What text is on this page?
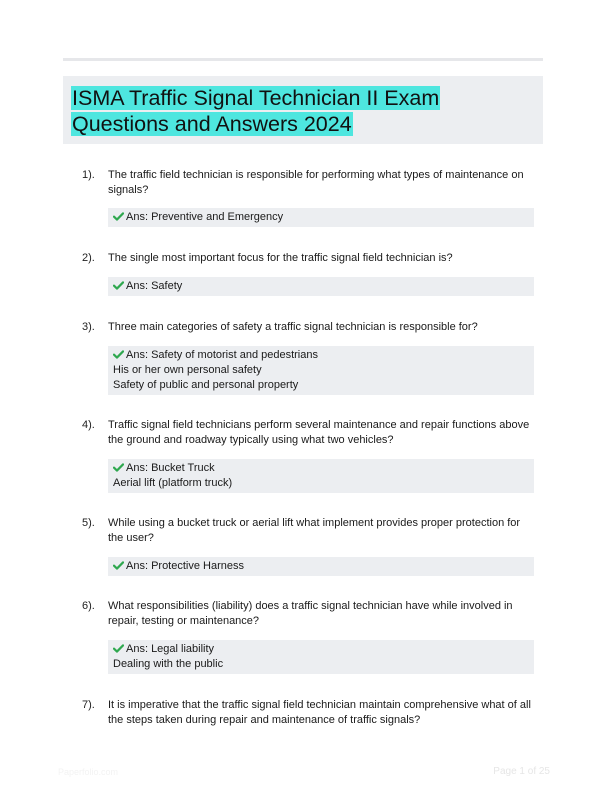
ISMA Traffic Signal Technician II Exam Questions and Answers 2024
1). The traffic field technician is responsible for performing what types of maintenance on signals?
Ans: Preventive and Emergency
2). The single most important focus for the traffic signal field technician is?
Ans: Safety
3). Three main categories of safety a traffic signal technician is responsible for?
Ans: Safety of motorist and pedestrians
His or her own personal safety
Safety of public and personal property
4). Traffic signal field technicians perform several maintenance and repair functions above the ground and roadway typically using what two vehicles?
Ans: Bucket Truck
Aerial lift (platform truck)
5). While using a bucket truck or aerial lift what implement provides proper protection for the user?
Ans: Protective Harness
6). What responsibilities (liability) does a traffic signal technician have while involved in repair, testing or maintenance?
Ans: Legal liability
Dealing with the public
7). It is imperative that the traffic signal field technician maintain comprehensive what of all the steps taken during repair and maintenance of traffic signals?
Paperfolio.com	Page 1 of 25
